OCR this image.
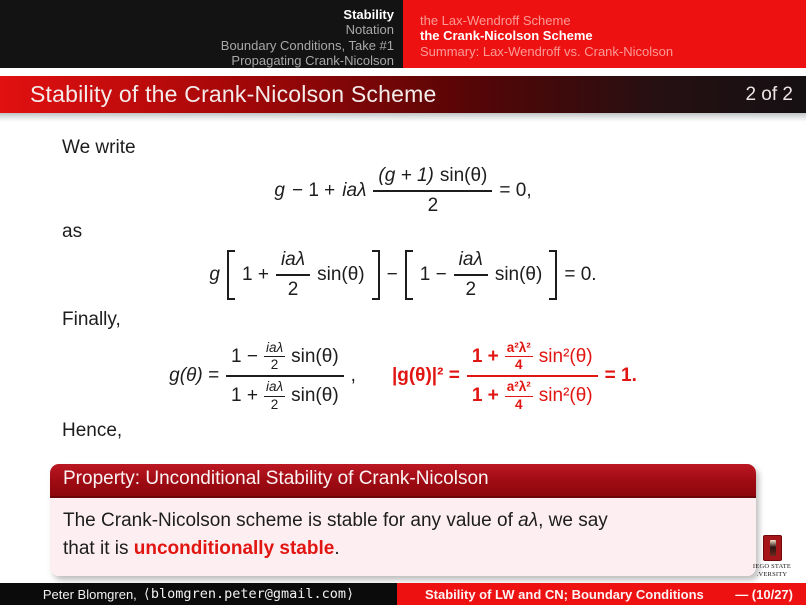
Stability
Notation
Boundary Conditions, Take #1
Propagating Crank-Nicolson
the Lax-Wendroff Scheme
the Crank-Nicolson Scheme
Summary: Lax-Wendroff vs. Crank-Nicolson
Stability of the Crank-Nicolson Scheme	2 of 2

We write

g − 1 + iaλ $\frac{(g + 1) \sin(\theta)}{2} = 0$,

as

g $1 + \frac{\text{iaλ}}{2} \sin(\theta) - 1 - \frac{\text{iaλ}}{2} \sin(\theta) = 0$.

Finally,

g(θ) =
$1 - \frac{\text{iaλ}}{2} \sin(\theta)$
$1 + \frac{\text{iaλ}}{2} \sin(\theta)$
, |g(θ)|² =
$1 + \frac{\text{a²λ²}}{4} \sin^2(\theta)$
$1 + \frac{\text{a²λ²}}{4} \sin^2(\theta)$
= 1.

Hence,

Property: Unconditional Stability of Crank-Nicolson
The Crank-Nicolson scheme is stable for any value of aλ, we say
that it is unconditionally stable.
IEGO STATE
.VERSITY
Peter Blomgren, ⟨blomgren.peter@gmail.com⟩	Stability of LW and CN; Boundary Conditions — (10/27)
